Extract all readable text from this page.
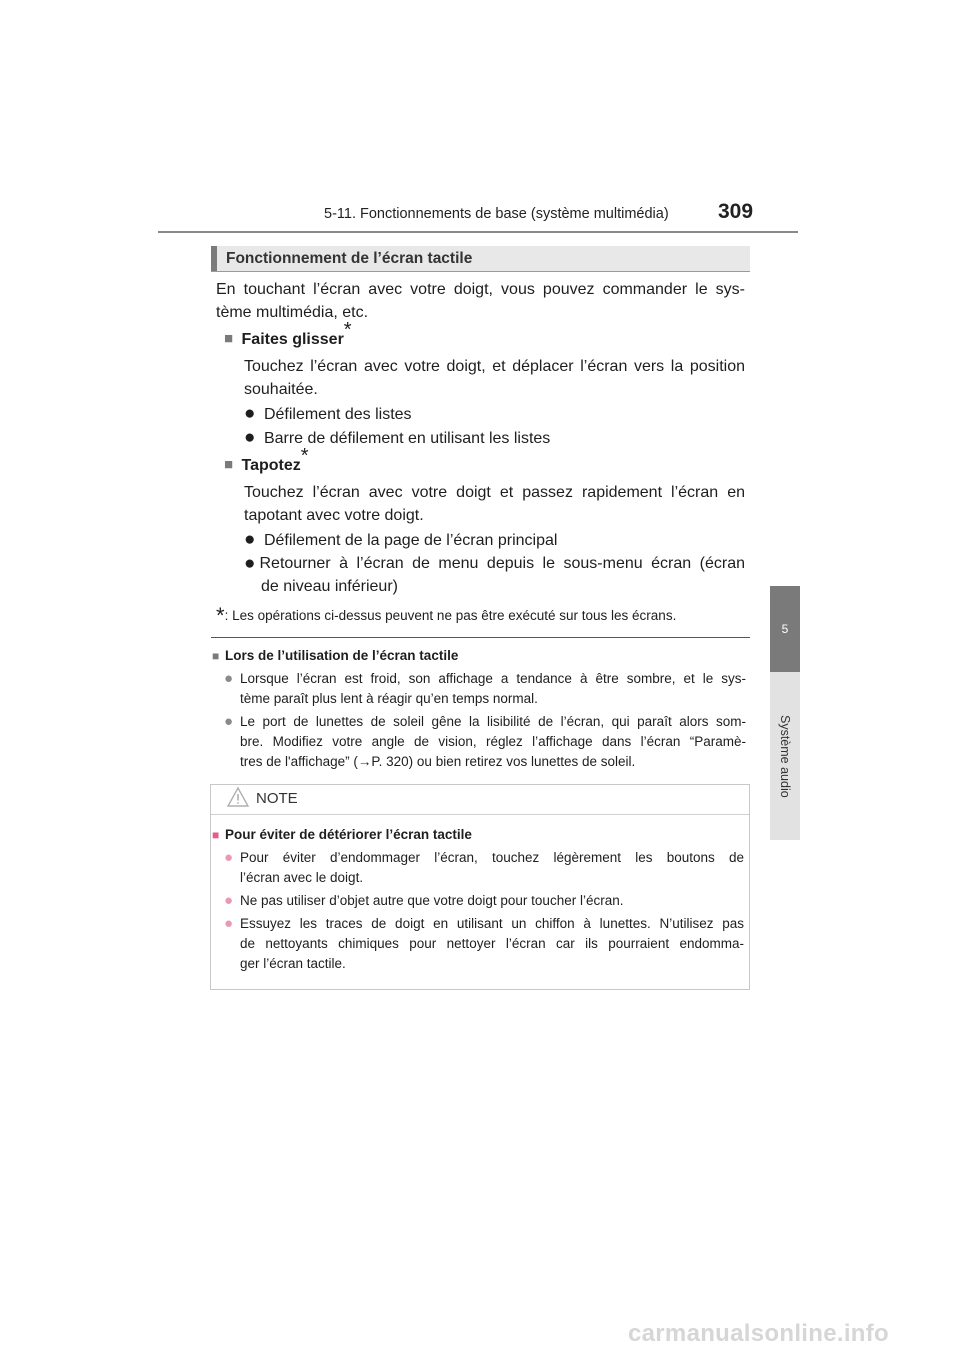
5-11. Fonctionnements de base (système multimédia) 309
5
Système audio
Fonctionnement de l’écran tactile
En touchant l’écran avec votre doigt, vous pouvez commander le sys-
tème multimédia, etc.
■ Faites glisser*
Touchez l’écran avec votre doigt, et déplacer l’écran vers la position
souhaitée.
● Défilement des listes
● Barre de défilement en utilisant les listes
■ Tapotez*
Touchez l’écran avec votre doigt et passez rapidement l’écran en
tapotant avec votre doigt.
● Défilement de la page de l’écran principal
● Retourner à l’écran de menu depuis le sous-menu écran (écran
de niveau inférieur)
*: Les opérations ci-dessus peuvent ne pas être exécuté sur tous les écrans.
■ Lors de l’utilisation de l’écran tactile
● Lorsque l’écran est froid, son affichage a tendance à être sombre, et le sys-
tème paraît plus lent à réagir qu’en temps normal.
● Le port de lunettes de soleil gêne la lisibilité de l’écran, qui paraît alors som-
bre. Modifiez votre angle de vision, réglez l’affichage dans l’écran “Paramè-
tres de l'affichage” (→P. 320) ou bien retirez vos lunettes de soleil.
NOTE
■ Pour éviter de détériorer l’écran tactile
● Pour éviter d’endommager l’écran, touchez légèrement les boutons de
l’écran avec le doigt.
● Ne pas utiliser d’objet autre que votre doigt pour toucher l’écran.
● Essuyez les traces de doigt en utilisant un chiffon à lunettes. N’utilisez pas
de nettoyants chimiques pour nettoyer l’écran car ils pourraient endomma-
ger l’écran tactile.
carmanualsonline.info
